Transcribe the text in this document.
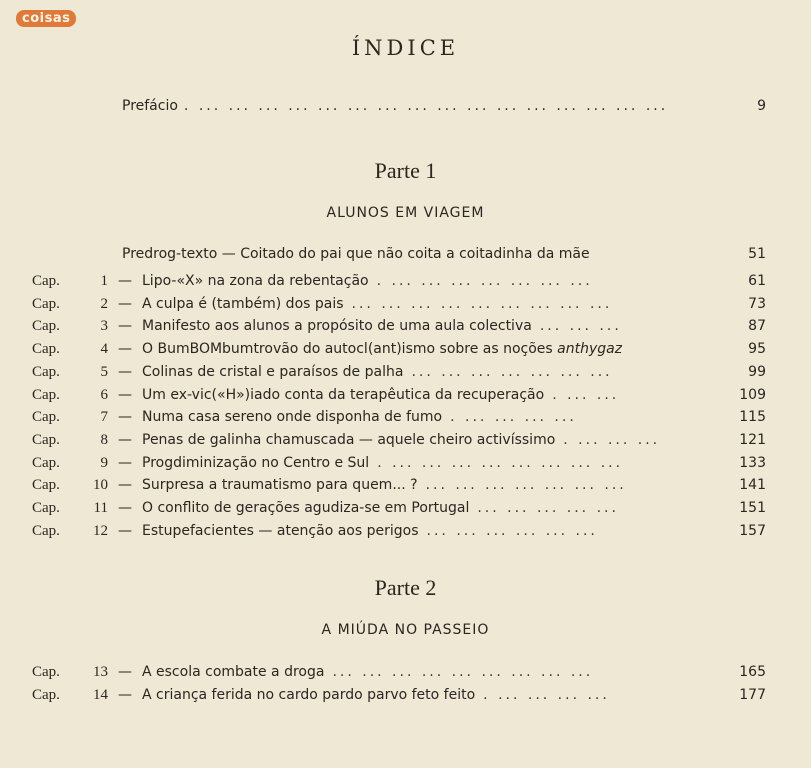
coisas
ÍNDICE
Prefácio . ... ... ... ... ... ... ... ... ... ... ... ... ... ... ... ...	9
Parte 1
ALUNOS EM VIAGEM
Predrog-texto — Coitado do pai que não coita a coitadinha da mãe	51
Cap.	1 — Lipo-«X» na zona da rebentação . ... ... ... ... ... ... ...	61
Cap.	2 — A culpa é (também) dos pais ... ... ... ... ... ... ... ... ...	73
Cap.	3 — Manifesto aos alunos a propósito de uma aula colectiva ... ... ...	87
Cap.	4 — O BumBOMbumtrovão do autocl(ant)ismo sobre as noções anthygaz	95
Cap.	5 — Colinas de cristal e paraísos de palha ... ... ... ... ... ... ...	99
Cap.	6 — Um ex-vic(«H»)iado conta da terapêutica da recuperação . ... ...	109
Cap.	7 — Numa casa sereno onde disponha de fumo . ... ... ... ...	115
Cap.	8 — Penas de galinha chamuscada — aquele cheiro activíssimo . ... ... ...	121
Cap.	9 — Progdiminização no Centro e Sul . ... ... ... ... ... ... ... ...	133
Cap.	10 — Surpresa a traumatismo para quem... ? ... ... ... ... ... ... ...	141
Cap.	11 — O conflito de gerações agudiza-se em Portugal ... ... ... ... ...	151
Cap.	12 — Estupefacientes — atenção aos perigos ... ... ... ... ... ...	157
Parte 2
A MIÚDA NO PASSEIO
Cap.	13 — A escola combate a droga ... ... ... ... ... ... ... ... ...	165
Cap.	14 — A criança ferida no cardo pardo parvo feto feito . ... ... ... ...	177
